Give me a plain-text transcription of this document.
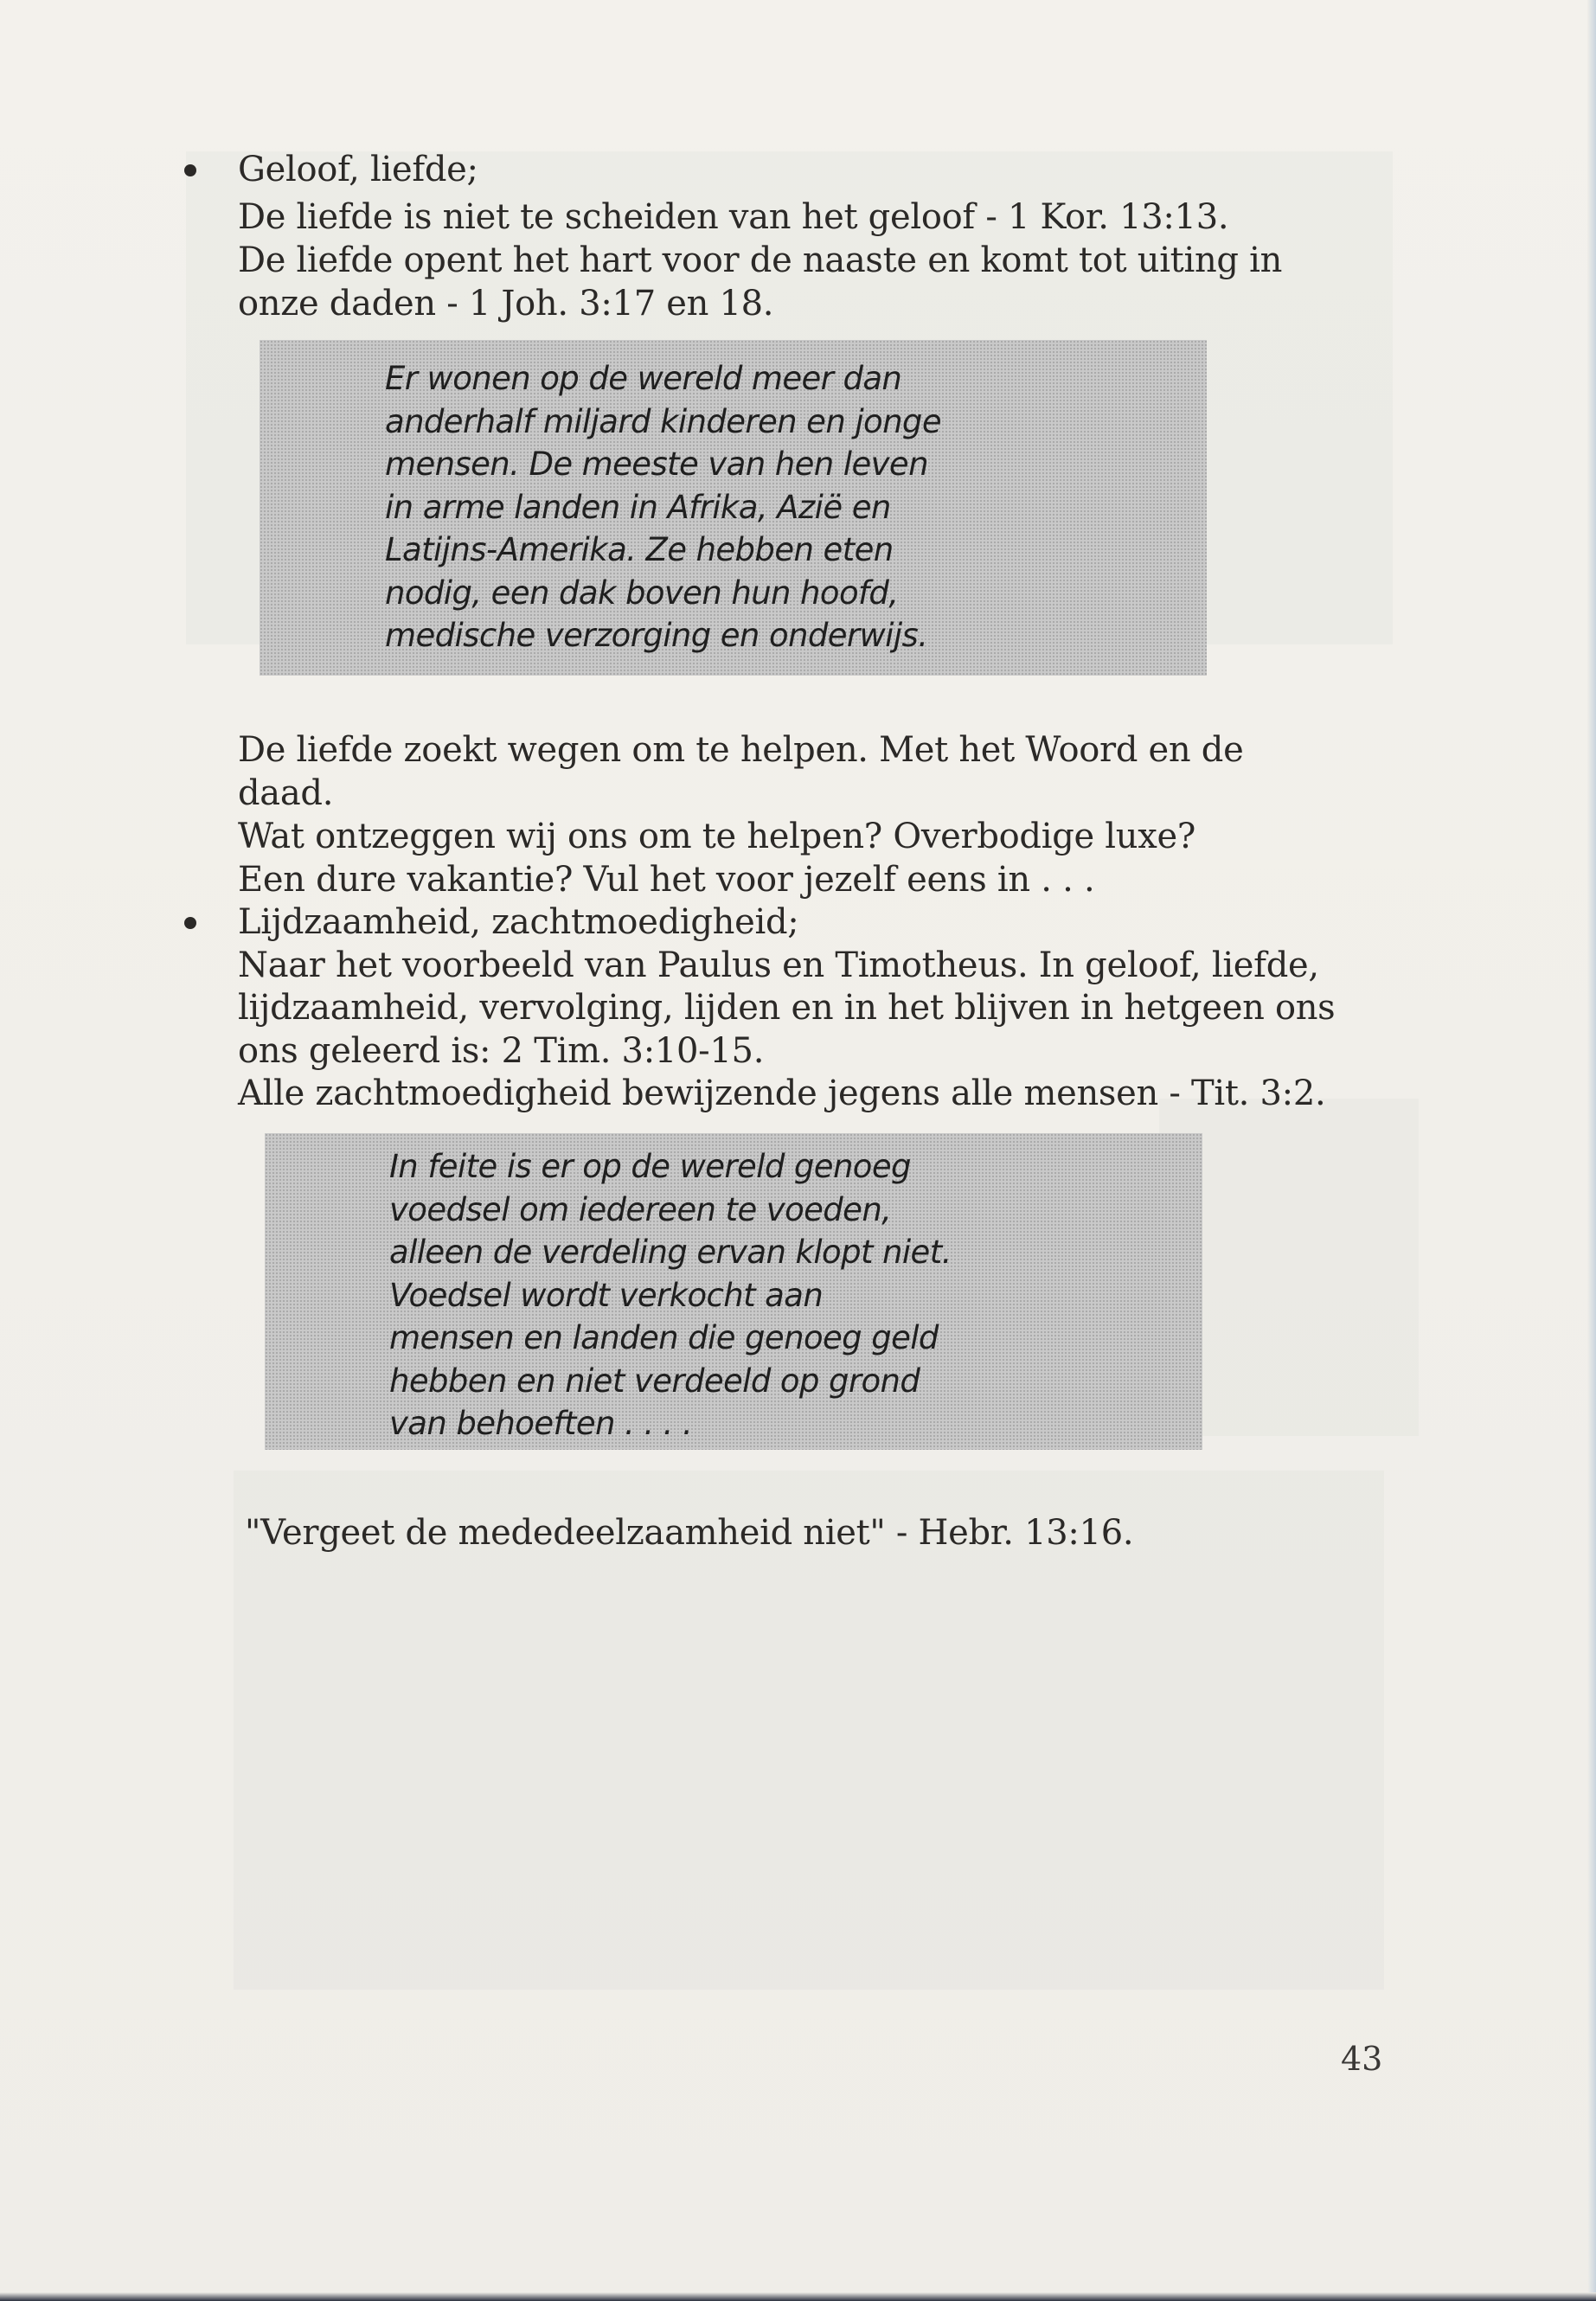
Geloof, liefde;
De liefde is niet te scheiden van het geloof - 1 Kor. 13:13.
De liefde opent het hart voor de naaste en komt tot uiting in
onze daden - 1 Joh. 3:17 en 18.
Er wonen op de wereld meer dan
anderhalf miljard kinderen en jonge
mensen. De meeste van hen leven
in arme landen in Afrika, Azië en
Latijns-Amerika. Ze hebben eten
nodig, een dak boven hun hoofd,
medische verzorging en onderwijs.
De liefde zoekt wegen om te helpen. Met het Woord en de
daad.
Wat ontzeggen wij ons om te helpen? Overbodige luxe?
Een dure vakantie? Vul het voor jezelf eens in . . .
Lijdzaamheid, zachtmoedigheid;
Naar het voorbeeld van Paulus en Timotheus. In geloof, liefde,
lijdzaamheid, vervolging, lijden en in het blijven in hetgeen ons
ons geleerd is: 2 Tim. 3:10-15.
Alle zachtmoedigheid bewijzende jegens alle mensen - Tit. 3:2.
In feite is er op de wereld genoeg
voedsel om iedereen te voeden,
alleen de verdeling ervan klopt niet.
Voedsel wordt verkocht aan
mensen en landen die genoeg geld
hebben en niet verdeeld op grond
van behoeften . . . .
"Vergeet de mededeelzaamheid niet" - Hebr. 13:16.
43
